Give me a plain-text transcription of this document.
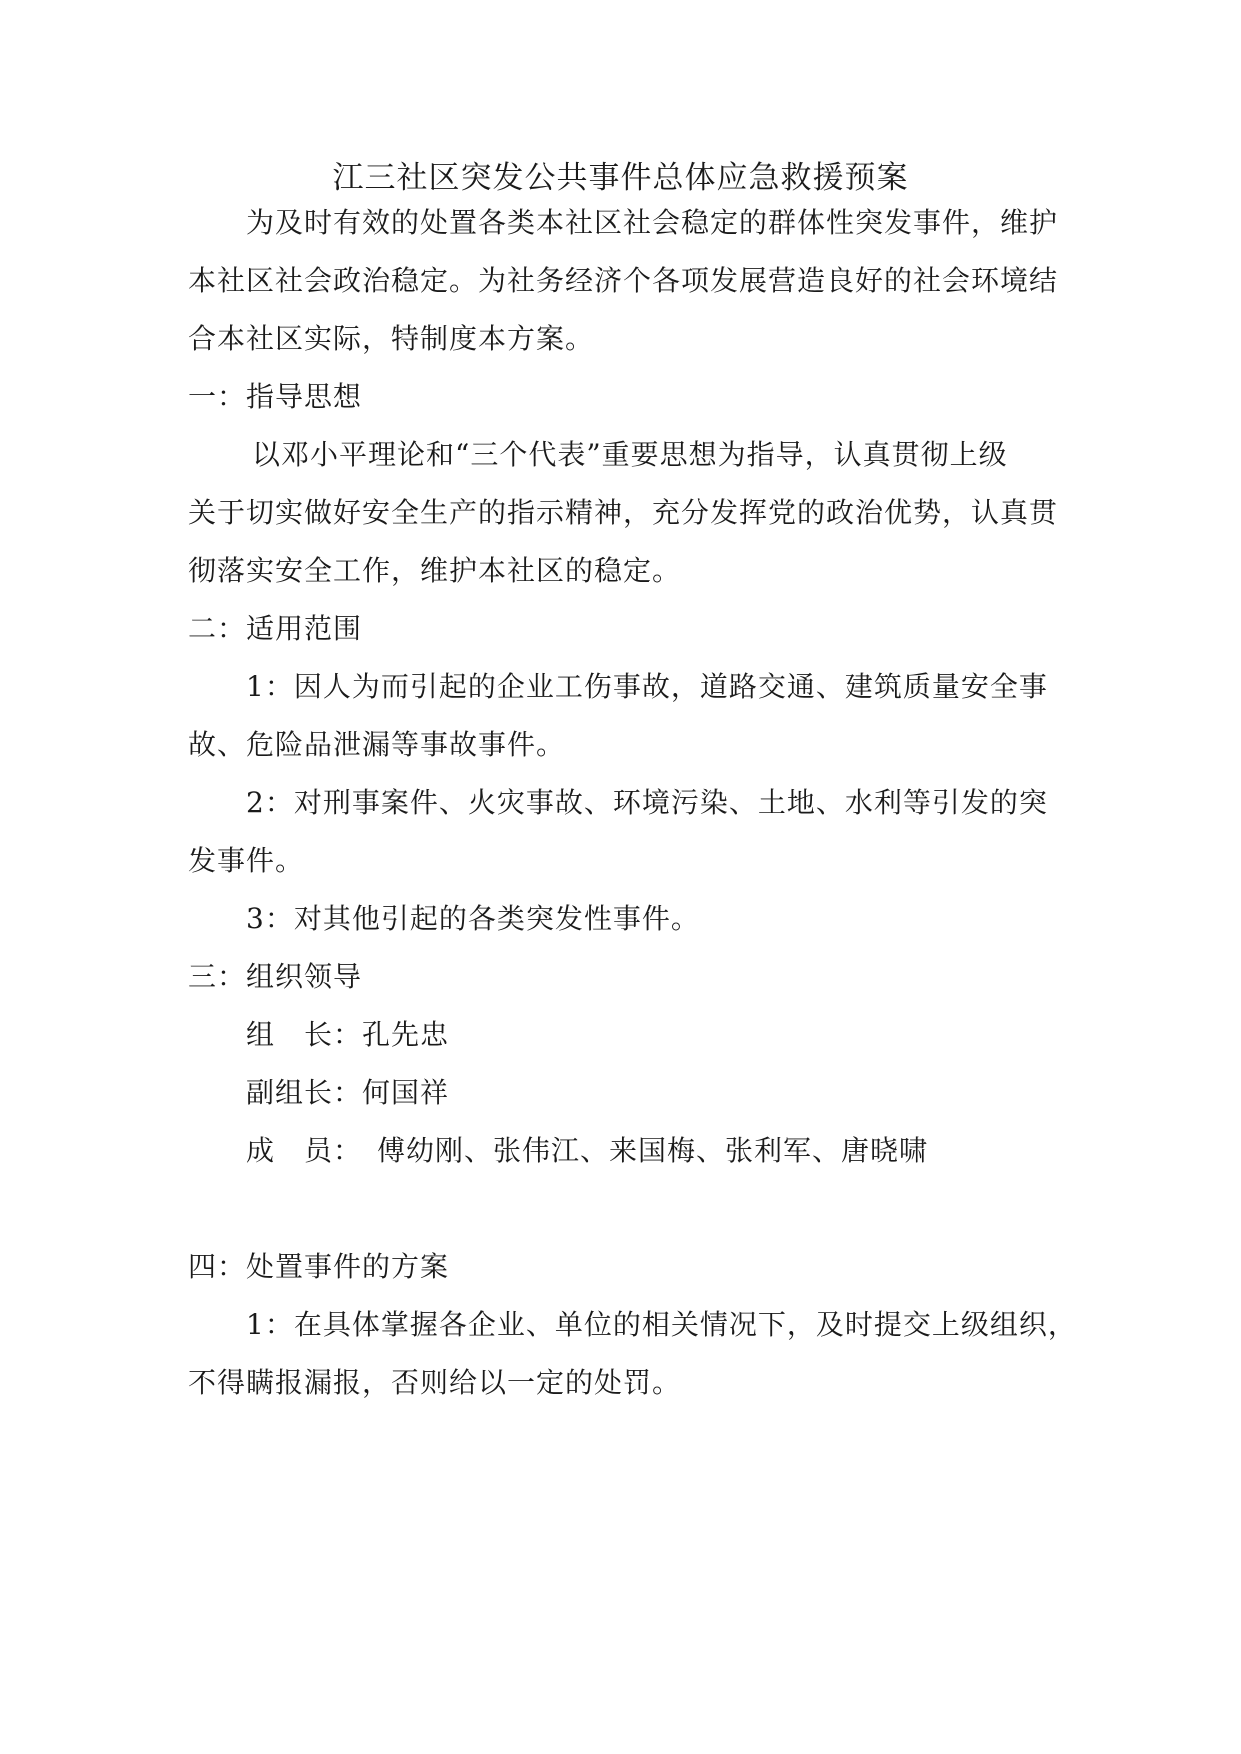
江三社区突发公共事件总体应急救援预案
为及时有效的处置各类本社区社会稳定的群体性突发事件，维护
本社区社会政治稳定。为社务经济个各项发展营造良好的社会环境结
合本社区实际，特制度本方案。
一：指导思想
以邓小平理论和“三个代表”重要思想为指导，认真贯彻上级
关于切实做好安全生产的指示精神，充分发挥党的政治优势，认真贯
彻落实安全工作，维护本社区的稳定。
二：适用范围
1：因人为而引起的企业工伤事故，道路交通、建筑质量安全事
故、危险品泄漏等事故事件。
2：对刑事案件、火灾事故、环境污染、土地、水利等引发的突
发事件。
3：对其他引起的各类突发性事件。
三：组织领导
组　长：孔先忠
副组长：何国祥
成　员：　傅幼刚、张伟江、来国梅、张利军、唐晓啸
四：处置事件的方案
1：在具体掌握各企业、单位的相关情况下，及时提交上级组织，
不得瞒报漏报，否则给以一定的处罚。
